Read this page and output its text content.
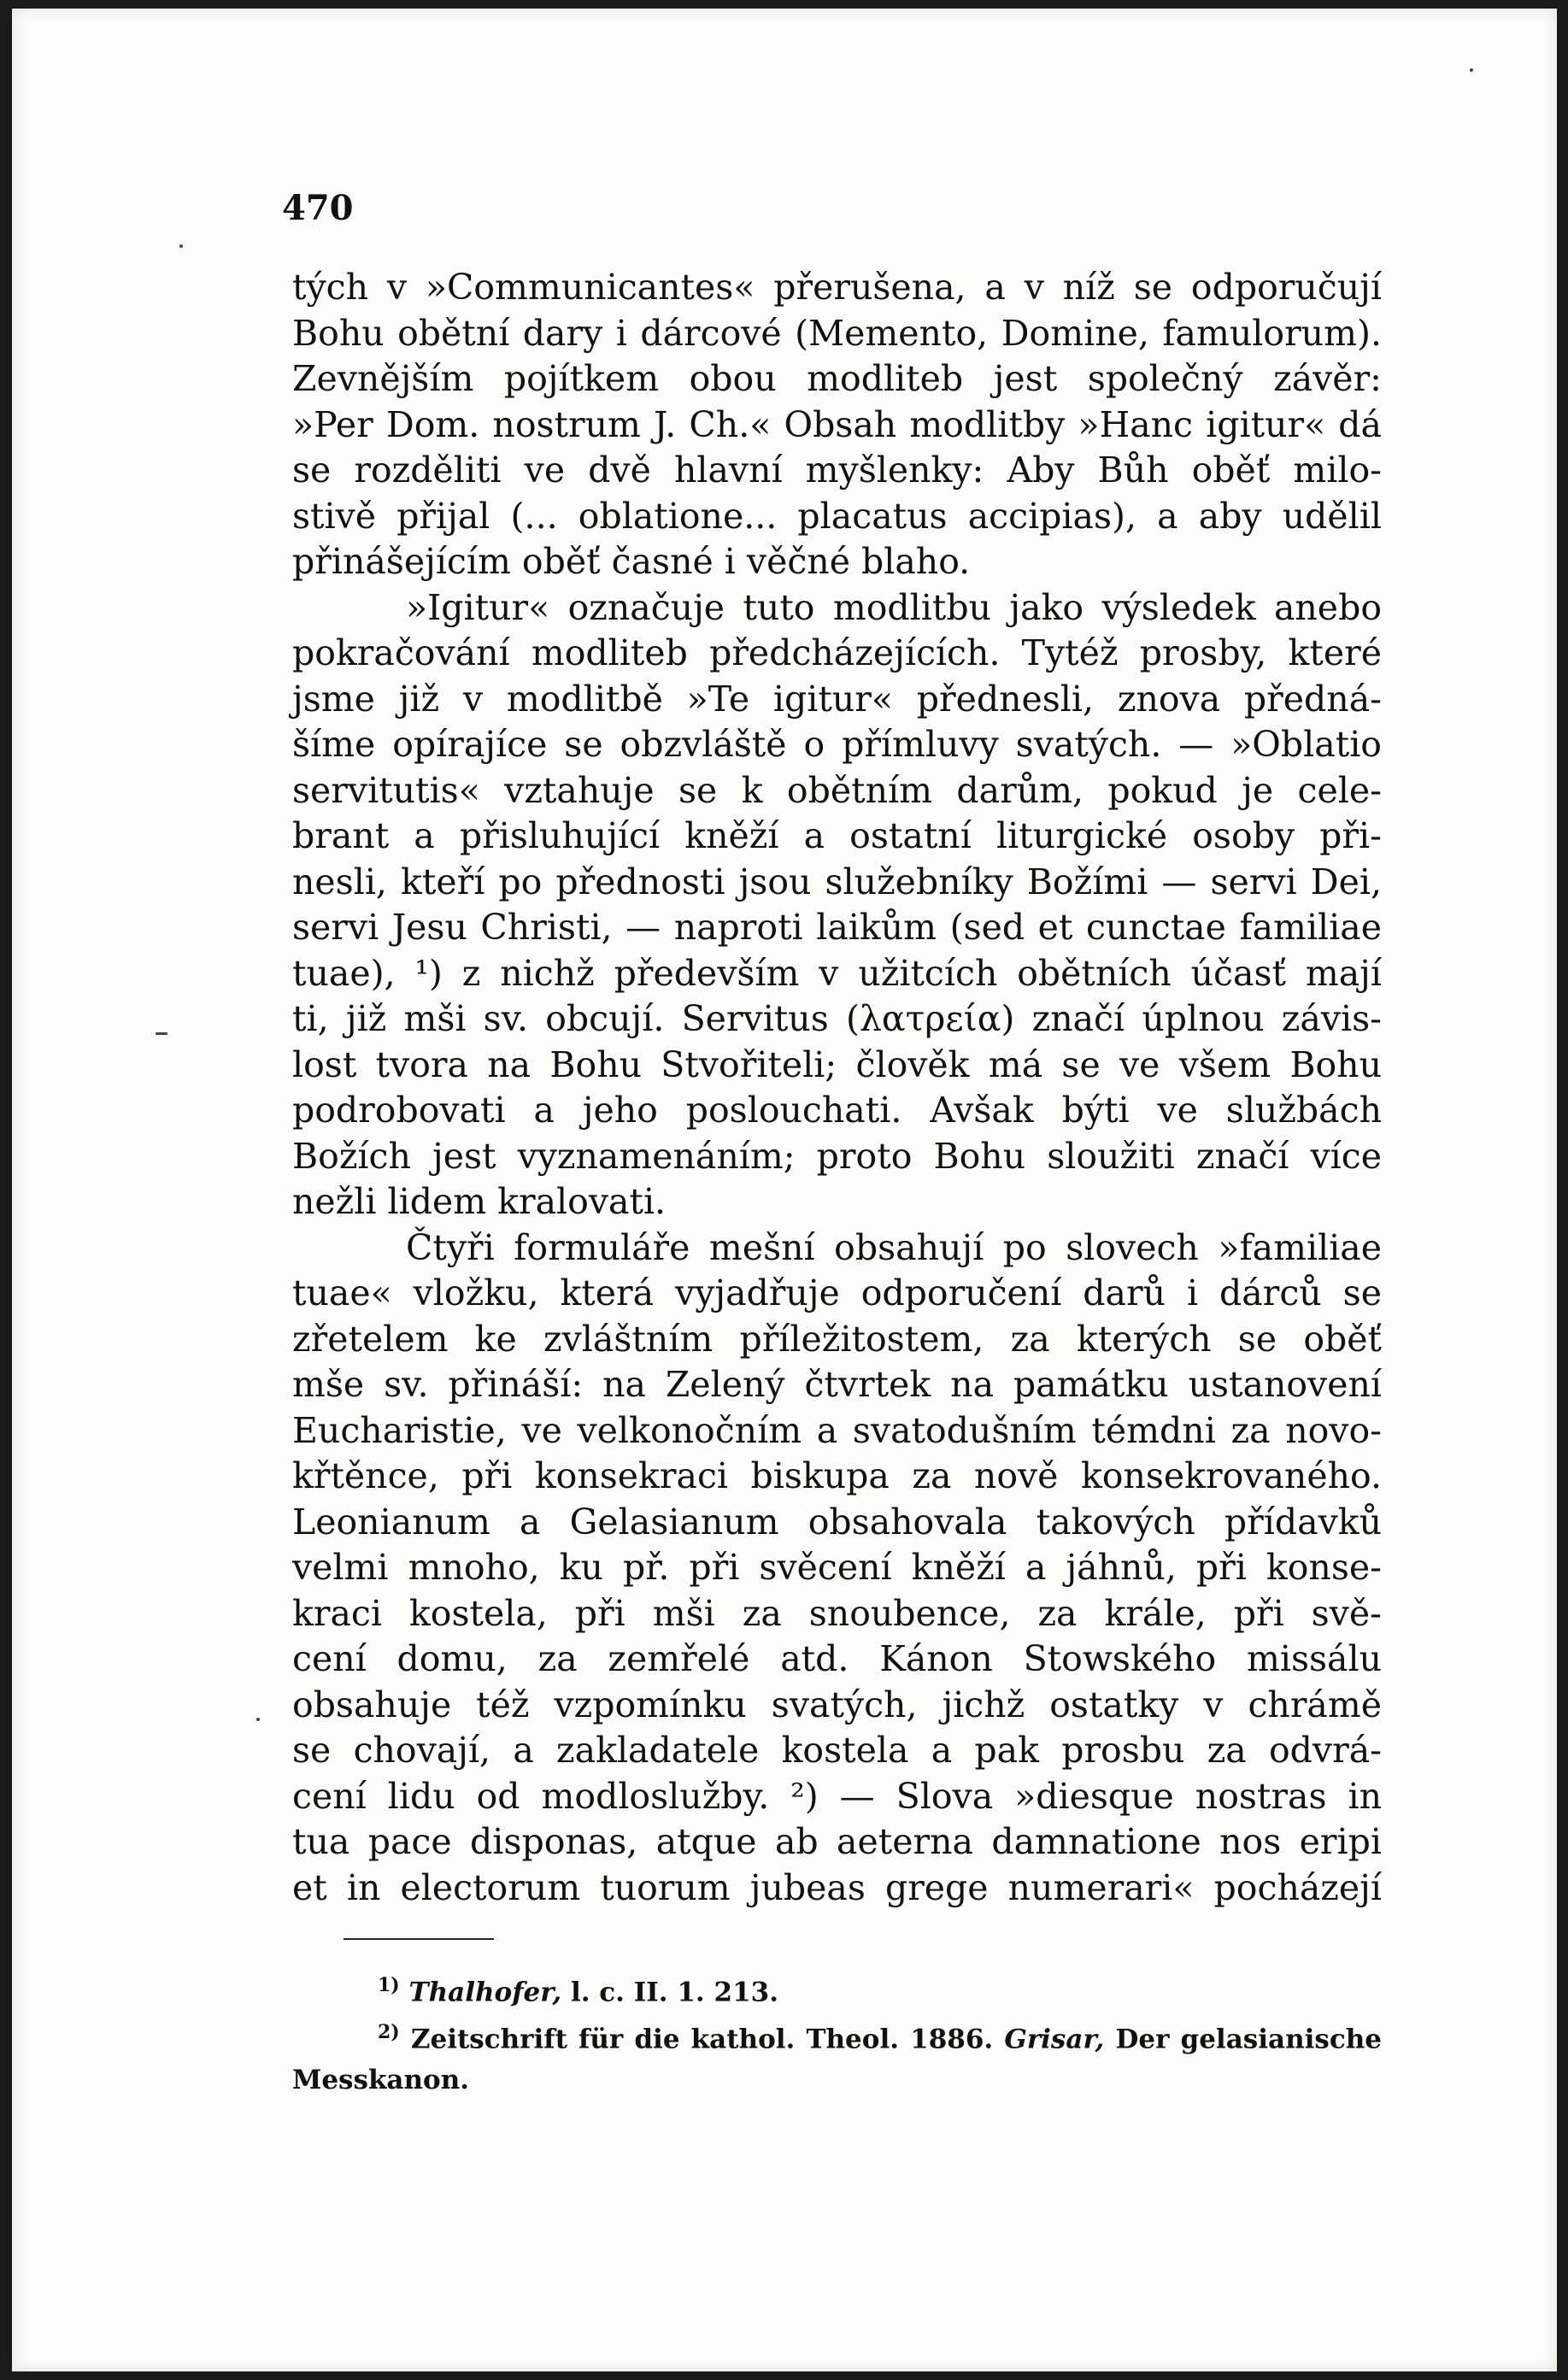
470
tých v »Communicantes« přerušena, a v níž se odporučují
Bohu obětní dary i dárcové (Memento, Domine, famulorum).
Zevnějším pojítkem obou modliteb jest společný závěr:
»Per Dom. nostrum J. Ch.« Obsah modlitby »Hanc igitur« dá
se rozděliti ve dvě hlavní myšlenky: Aby Bůh oběť milo-
stivě přijal (... oblatione... placatus accipias), a aby udělil
přinášejícím oběť časné i věčné blaho.
»Igitur« označuje tuto modlitbu jako výsledek anebo
pokračování modliteb předcházejících. Tytéž prosby, které
jsme již v modlitbě »Te igitur« přednesli, znova předná-
šíme opírajíce se obzvláště o přímluvy svatých. — »Oblatio
servitutis« vztahuje se k obětním darům, pokud je cele-
brant a přisluhující kněží a ostatní liturgické osoby při-
nesli, kteří po přednosti jsou služebníky Božími — servi Dei,
servi Jesu Christi, — naproti laikům (sed et cunctae familiae
tuae), ¹) z nichž především v užitcích obětních účasť mají
ti, již mši sv. obcují. Servitus (λατρεία) značí úplnou závis-
lost tvora na Bohu Stvořiteli; člověk má se ve všem Bohu
podrobovati a jeho poslouchati. Avšak býti ve službách
Božích jest vyznamenáním; proto Bohu sloužiti značí více
nežli lidem kralovati.
Čtyři formuláře mešní obsahují po slovech »familiae
tuae« vložku, která vyjadřuje odporučení darů i dárců se
zřetelem ke zvláštním příležitostem, za kterých se oběť
mše sv. přináší: na Zelený čtvrtek na památku ustanovení
Eucharistie, ve velkonočním a svatodušním témdni za novo-
křtěnce, při konsekraci biskupa za nově konsekrovaného.
Leonianum a Gelasianum obsahovala takových přídavků
velmi mnoho, ku př. při svěcení kněží a jáhnů, při konse-
kraci kostela, při mši za snoubence, za krále, při svě-
cení domu, za zemřelé atd. Kánon Stowského missálu
obsahuje též vzpomínku svatých, jichž ostatky v chrámě
se chovají, a zakladatele kostela a pak prosbu za odvrá-
cení lidu od modloslužby. ²) — Slova »diesque nostras in
tua pace disponas, atque ab aeterna damnatione nos eripi
et in electorum tuorum jubeas grege numerari« pocházejí
$^{1)}$ Thalhofer, l. c. II. 1. 213.
$^{2)}$ Zeitschrift für die kathol. Theol. 1886. Grisar, Der gelasianische
Messkanon.
